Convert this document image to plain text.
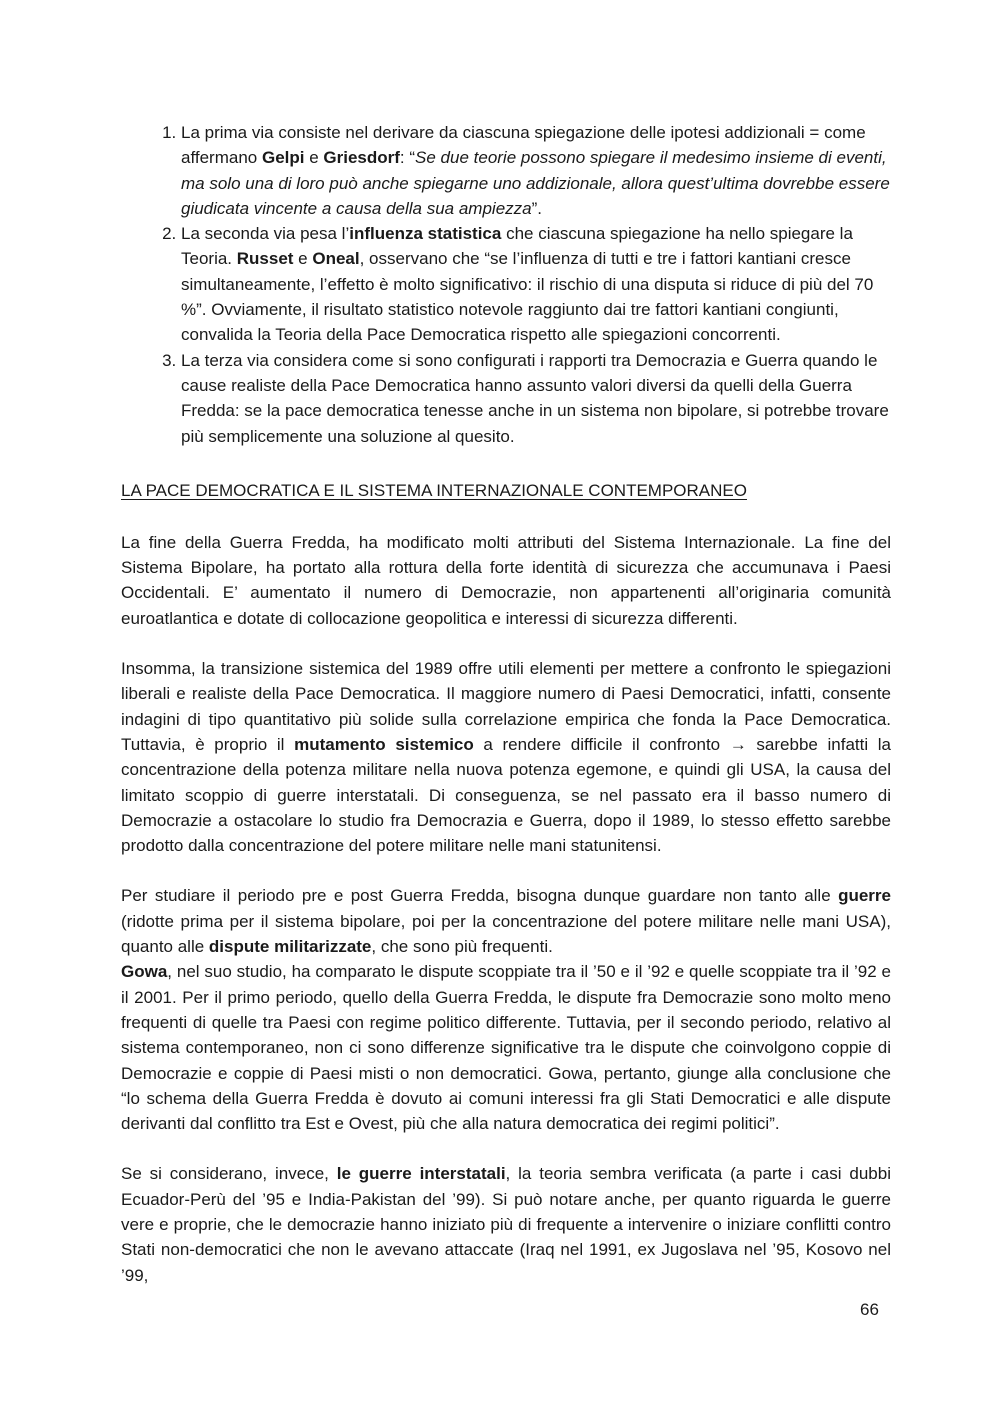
1. La prima via consiste nel derivare da ciascuna spiegazione delle ipotesi addizionali = come affermano Gelpi e Griesdorf: “Se due teorie possono spiegare il medesimo insieme di eventi, ma solo una di loro può anche spiegarne uno addizionale, allora quest’ultima dovrebbe essere giudicata vincente a causa della sua ampiezza”.
2. La seconda via pesa l’influenza statistica che ciascuna spiegazione ha nello spiegare la Teoria. Russet e Oneal, osservano che “se l’influenza di tutti e tre i fattori kantiani cresce simultaneamente, l’effetto è molto significativo: il rischio di una disputa si riduce di più del 70 %”. Ovviamente, il risultato statistico notevole raggiunto dai tre fattori kantiani congiunti, convalida la Teoria della Pace Democratica rispetto alle spiegazioni concorrenti.
3. La terza via considera come si sono configurati i rapporti tra Democrazia e Guerra quando le cause realiste della Pace Democratica hanno assunto valori diversi da quelli della Guerra Fredda: se la pace democratica tenesse anche in un sistema non bipolare, si potrebbe trovare più semplicemente una soluzione al quesito.

LA PACE DEMOCRATICA E IL SISTEMA INTERNAZIONALE CONTEMPORANEO

La fine della Guerra Fredda, ha modificato molti attributi del Sistema Internazionale. La fine del Sistema Bipolare, ha portato alla rottura della forte identità di sicurezza che accumunava i Paesi Occidentali. E’ aumentato il numero di Democrazie, non appartenenti all’originaria comunità euroatlantica e dotate di collocazione geopolitica e interessi di sicurezza differenti.

Insomma, la transizione sistemica del 1989 offre utili elementi per mettere a confronto le spiegazioni liberali e realiste della Pace Democratica. Il maggiore numero di Paesi Democratici, infatti, consente indagini di tipo quantitativo più solide sulla correlazione empirica che fonda la Pace Democratica. Tuttavia, è proprio il mutamento sistemico a rendere difficile il confronto → sarebbe infatti la concentrazione della potenza militare nella nuova potenza egemone, e quindi gli USA, la causa del limitato scoppio di guerre interstatali. Di conseguenza, se nel passato era il basso numero di Democrazie a ostacolare lo studio fra Democrazia e Guerra, dopo il 1989, lo stesso effetto sarebbe prodotto dalla concentrazione del potere militare nelle mani statunitensi.

Per studiare il periodo pre e post Guerra Fredda, bisogna dunque guardare non tanto alle guerre (ridotte prima per il sistema bipolare, poi per la concentrazione del potere militare nelle mani USA), quanto alle dispute militarizzate, che sono più frequenti.

Gowa, nel suo studio, ha comparato le dispute scoppiate tra il ’50 e il ’92 e quelle scoppiate tra il ’92 e il 2001. Per il primo periodo, quello della Guerra Fredda, le dispute fra Democrazie sono molto meno frequenti di quelle tra Paesi con regime politico differente. Tuttavia, per il secondo periodo, relativo al sistema contemporaneo, non ci sono differenze significative tra le dispute che coinvolgono coppie di Democrazie e coppie di Paesi misti o non democratici. Gowa, pertanto, giunge alla conclusione che “lo schema della Guerra Fredda è dovuto ai comuni interessi fra gli Stati Democratici e alle dispute derivanti dal conflitto tra Est e Ovest, più che alla natura democratica dei regimi politici”.

Se si considerano, invece, le guerre interstatali, la teoria sembra verificata (a parte i casi dubbi Ecuador-Perù del ’95 e India-Pakistan del ’99). Si può notare anche, per quanto riguarda le guerre vere e proprie, che le democrazie hanno iniziato più di frequente a intervenire o iniziare conflitti contro Stati non-democratici che non le avevano attaccate (Iraq nel 1991, ex Jugoslava nel ’95, Kosovo nel ’99,

66
